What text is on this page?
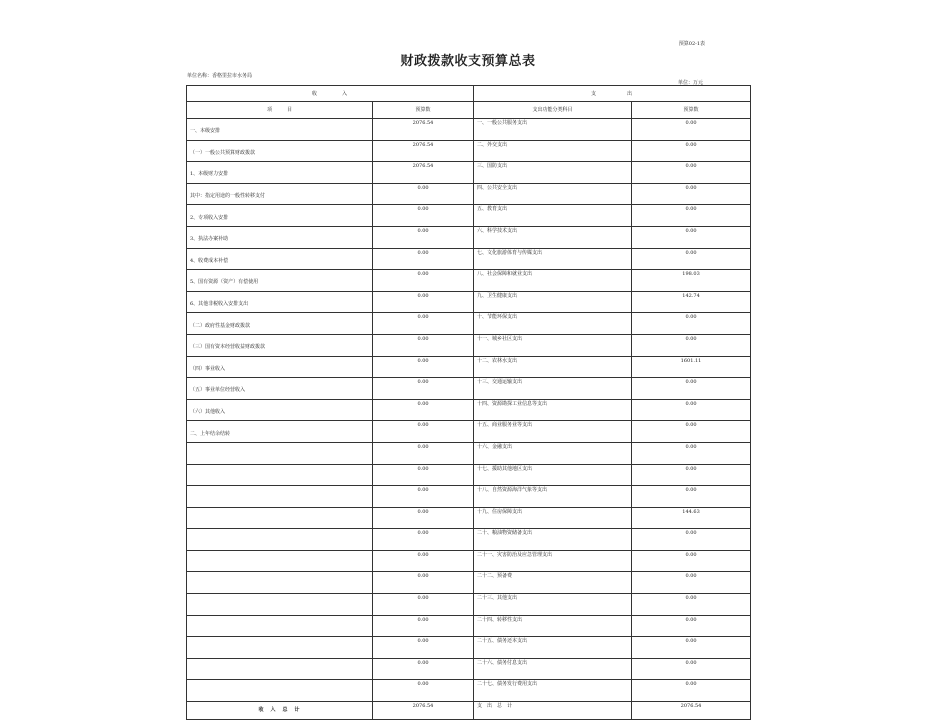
预算02-1表
财政拨款收支预算总表
单位名称：香格里拉市水务局
单位：万元
收　　　　入		支　　　　　出	
项　　　目	预算数	支出功能分类科目	预算数
一、本级安排	2076.54	一、一般公共服务支出	0.00
（一）一般公共预算财政拨款	2076.54	二、外交支出	0.00
1、本级财力安排	2076.54	三、国防支出	0.00
其中：指定用途的一般性转移支付	0.00	四、公共安全支出	0.00
2、专项收入安排	0.00	五、教育支出	0.00
3、执法办案补助	0.00	六、科学技术支出	0.00
4、收费成本补偿	0.00	七、文化旅游体育与传媒支出	0.00
5、国有资源（资产）有偿使用	0.00	八、社会保障和就业支出	198.03
6、其他非税收入安排支出	0.00	九、卫生健康支出	142.74
（二）政府性基金财政拨款	0.00	十、节能环保支出	0.00
（三）国有资本经营收益财政拨款	0.00	十一、城乡社区支出	0.00
（四）事业收入	0.00	十二、农林水支出	1601.11
（五）事业单位经营收入	0.00	十三、交通运输支出	0.00
（六）其他收入	0.00	十四、资源勘探工业信息等支出	0.00
二、上年结余结转	0.00	十五、商业服务业等支出	0.00
	0.00	十六、金融支出	0.00
	0.00	十七、援助其他地区支出	0.00
	0.00	十八、自然资源海洋气象等支出	0.00
	0.00	十九、住房保障支出	144.63
	0.00	二十、粮油物资储备支出	0.00
	0.00	二十一、灾害防治及应急管理支出	0.00
	0.00	二十二、预备费	0.00
	0.00	二十三、其他支出	0.00
	0.00	二十四、转移性支出	0.00
	0.00	二十五、债务还本支出	0.00
	0.00	二十六、债务付息支出	0.00
	0.00	二十七、债务发行费用支出	0.00
收　入　总　计	2076.54	支　出　总　计	2076.54
